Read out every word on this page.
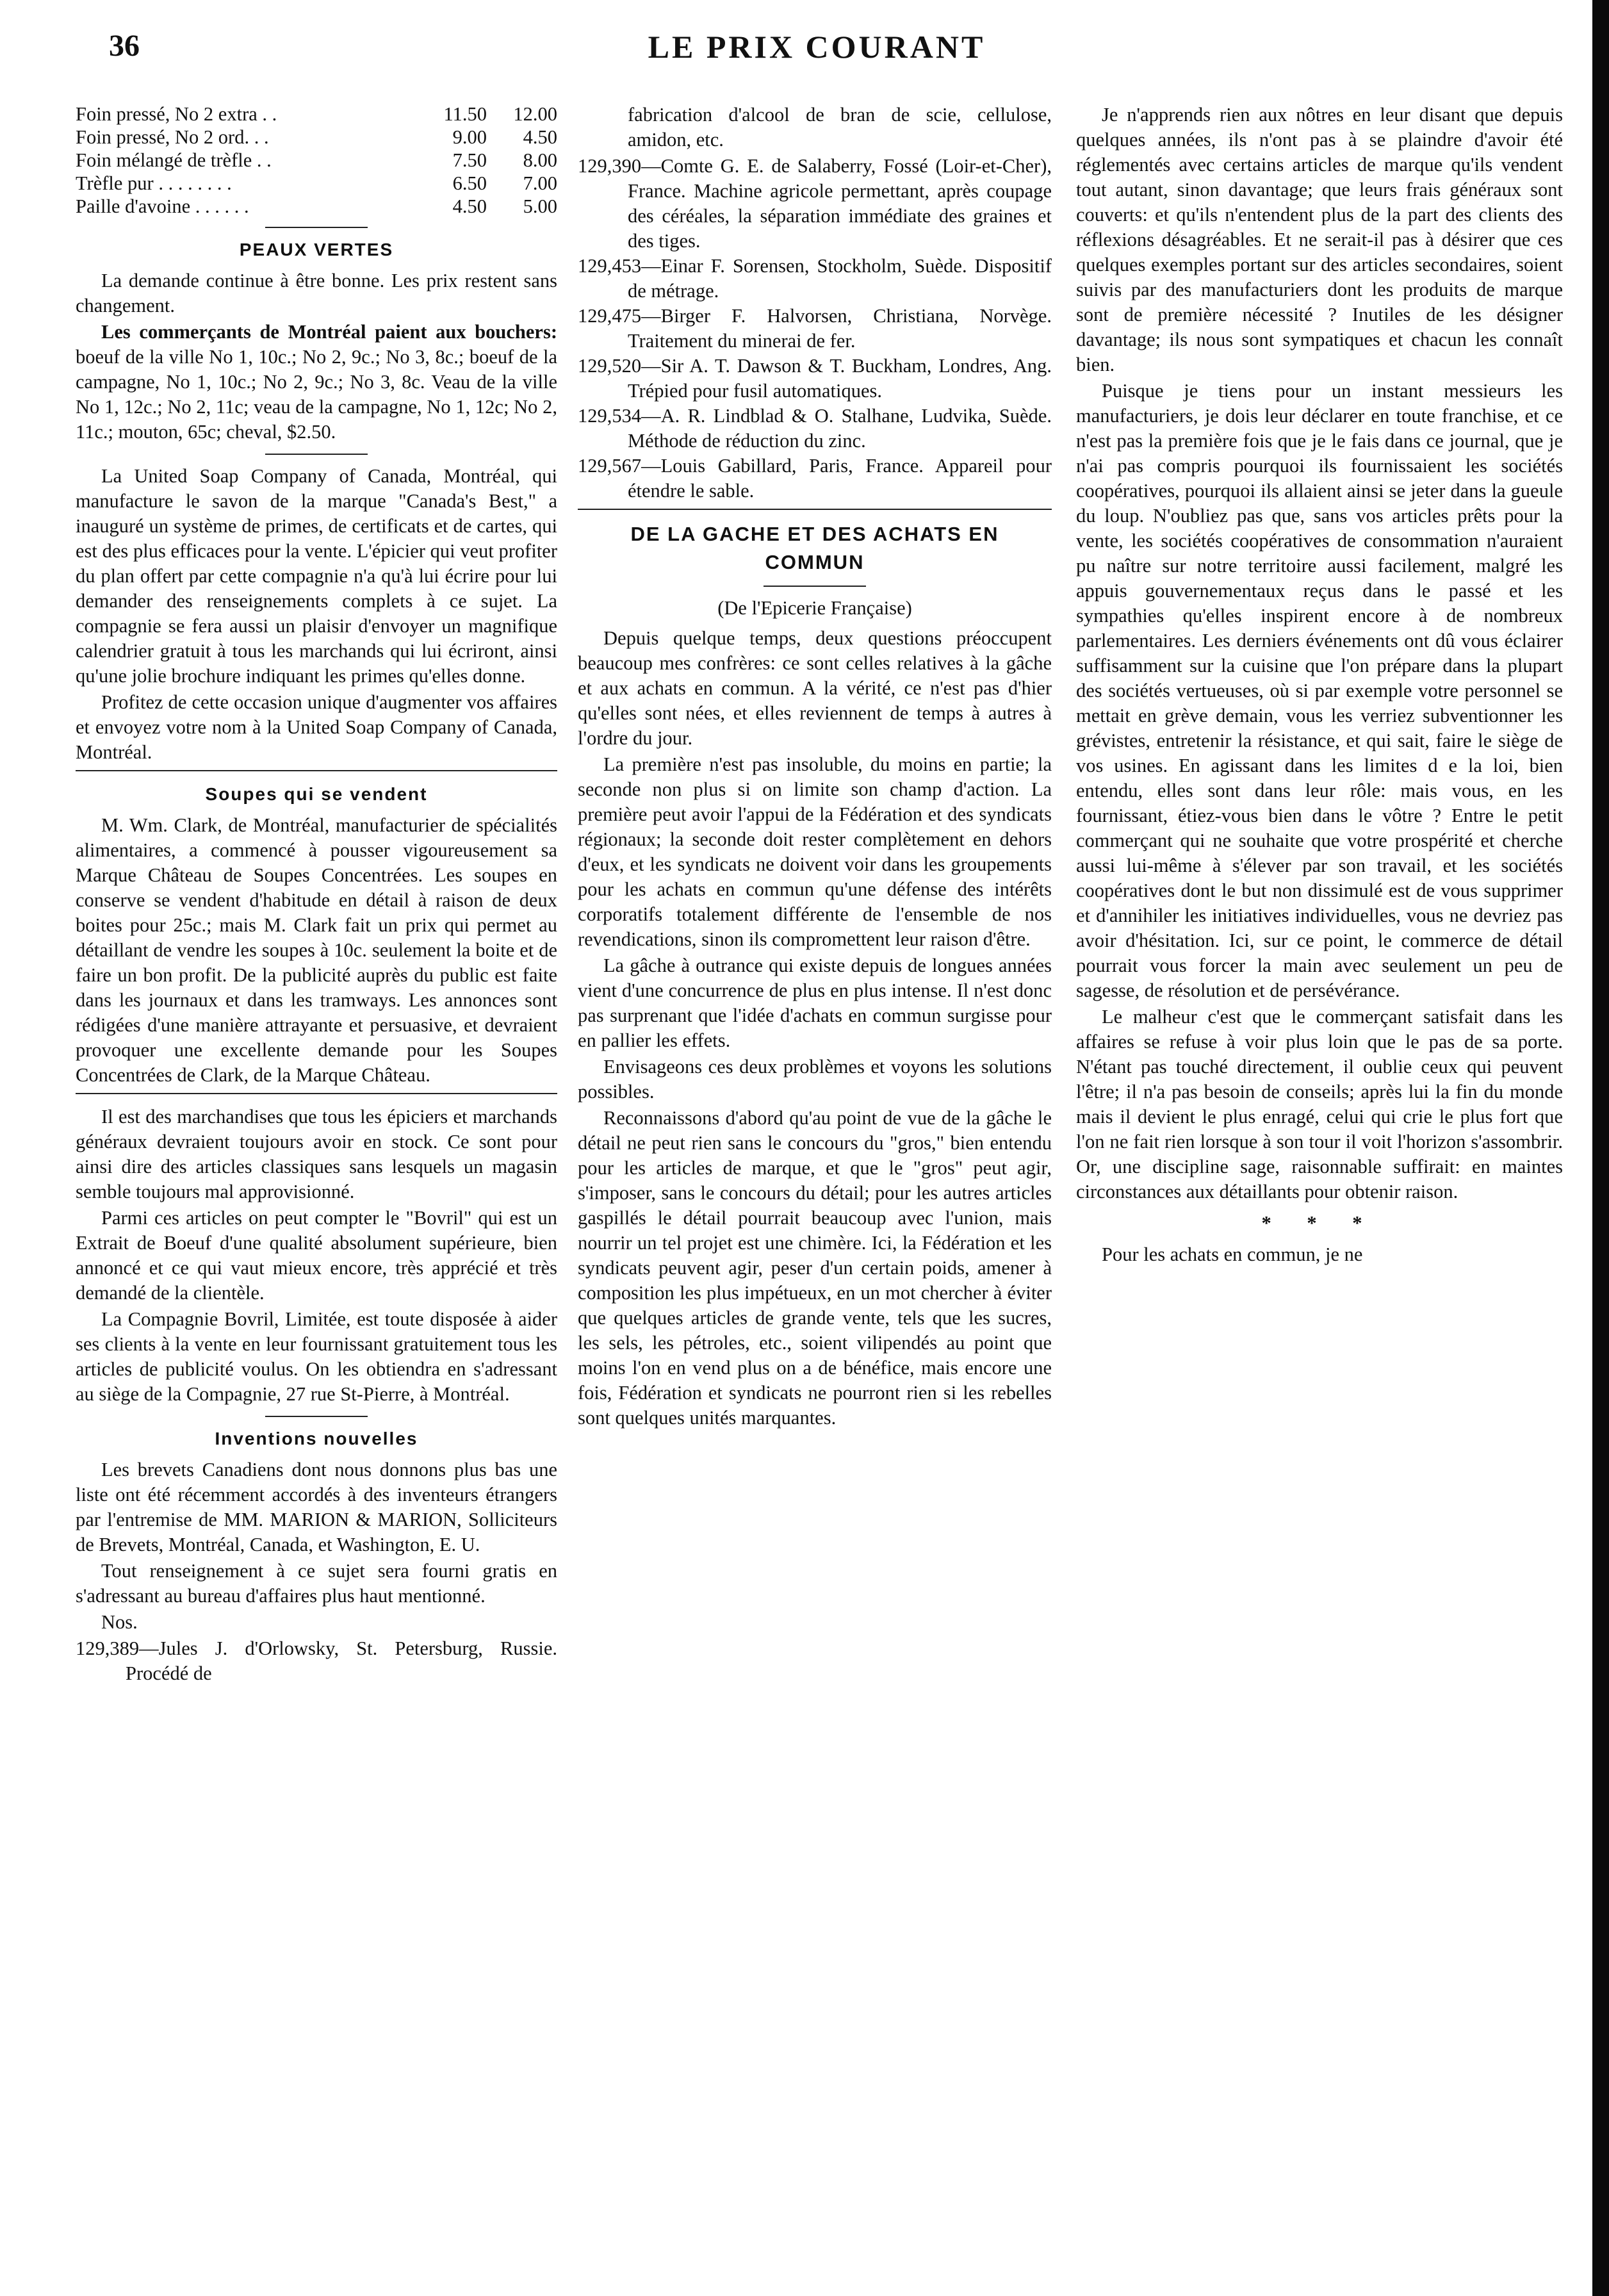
36	LE PRIX COURANT
Foin pressé, No 2 extra . .	11.50	12.00
Foin pressé, No 2 ord. . .	9.00	4.50
Foin mélangé de trèfle . .	7.50	8.00
Trèfle pur . . . . . . . .	6.50	7.00
Paille d'avoine . . . . . .	4.50	5.00
PEAUX VERTES

La demande continue à être bonne. Les prix restent sans changement.

Les commerçants de Montréal paient aux bouchers: boeuf de la ville No 1, 10c.; No 2, 9c.; No 3, 8c.; boeuf de la campagne, No 1, 10c.; No 2, 9c.; No 3, 8c. Veau de la ville No 1, 12c.; No 2, 11c; veau de la campagne, No 1, 12c; No 2, 11c.; mouton, 65c; cheval, $2.50.

La United Soap Company of Canada, Montréal, qui manufacture le savon de la marque "Canada's Best," a inauguré un système de primes, de certificats et de cartes, qui est des plus efficaces pour la vente. L'épicier qui veut profiter du plan offert par cette compagnie n'a qu'à lui écrire pour lui demander des renseignements complets à ce sujet. La compagnie se fera aussi un plaisir d'envoyer un magnifique calendrier gratuit à tous les marchands qui lui écriront, ainsi qu'une jolie brochure indiquant les primes qu'elles donne.

Profitez de cette occasion unique d'augmenter vos affaires et envoyez votre nom à la United Soap Company of Canada, Montréal.

Soupes qui se vendent

M. Wm. Clark, de Montréal, manufacturier de spécialités alimentaires, a commencé à pousser vigoureusement sa Marque Château de Soupes Concentrées. Les soupes en conserve se vendent d'habitude en détail à raison de deux boites pour 25c.; mais M. Clark fait un prix qui permet au détaillant de vendre les soupes à 10c. seulement la boite et de faire un bon profit. De la publicité auprès du public est faite dans les journaux et dans les tramways. Les annonces sont rédigées d'une manière attrayante et persuasive, et devraient provoquer une excellente demande pour les Soupes Concentrées de Clark, de la Marque Château.

Il est des marchandises que tous les épiciers et marchands généraux devraient toujours avoir en stock. Ce sont pour ainsi dire des articles classiques sans lesquels un magasin semble toujours mal approvisionné.

Parmi ces articles on peut compter le "Bovril" qui est un Extrait de Boeuf d'une qualité absolument supérieure, bien annoncé et ce qui vaut mieux encore, très apprécié et très demandé de la clientèle.

La Compagnie Bovril, Limitée, est toute disposée à aider ses clients à la vente en leur fournissant gratuitement tous les articles de publicité voulus. On les obtiendra en s'adressant au siège de la Compagnie, 27 rue St-Pierre, à Montréal.

Inventions nouvelles

Les brevets Canadiens dont nous donnons plus bas une liste ont été récemment accordés à des inventeurs étrangers par l'entremise de MM. MARION & MARION, Solliciteurs de Brevets, Montréal, Canada, et Washington, E. U.

Tout renseignement à ce sujet sera fourni gratis en s'adressant au bureau d'affaires plus haut mentionné.

Nos.

129,389—Jules J. d'Orlowsky, St. Petersburg, Russie. Procédé de

fabrication d'alcool de bran de scie, cellulose, amidon, etc.

129,390—Comte G. E. de Salaberry, Fossé (Loir-et-Cher), France. Machine agricole permettant, après coupage des céréales, la séparation immédiate des graines et des tiges.

129,453—Einar F. Sorensen, Stockholm, Suède. Dispositif de métrage.

129,475—Birger F. Halvorsen, Christiana, Norvège. Traitement du minerai de fer.

129,520—Sir A. T. Dawson & T. Buckham, Londres, Ang. Trépied pour fusil automatiques.

129,534—A. R. Lindblad & O. Stalhane, Ludvika, Suède. Méthode de réduction du zinc.

129,567—Louis Gabillard, Paris, France. Appareil pour étendre le sable.

DE LA GACHE ET DES ACHATS EN COMMUN

(De l'Epicerie Française)

Depuis quelque temps, deux questions préoccupent beaucoup mes confrères: ce sont celles relatives à la gâche et aux achats en commun. A la vérité, ce n'est pas d'hier qu'elles sont nées, et elles reviennent de temps à autres à l'ordre du jour.

La première n'est pas insoluble, du moins en partie; la seconde non plus si on limite son champ d'action. La première peut avoir l'appui de la Fédération et des syndicats régionaux; la seconde doit rester complètement en dehors d'eux, et les syndicats ne doivent voir dans les groupements pour les achats en commun qu'une défense des intérêts corporatifs totalement différente de l'ensemble de nos revendications, sinon ils compromettent leur raison d'être.

La gâche à outrance qui existe depuis de longues années vient d'une concurrence de plus en plus intense. Il n'est donc pas surprenant que l'idée d'achats en commun surgisse pour en pallier les effets.

Envisageons ces deux problèmes et voyons les solutions possibles.

Reconnaissons d'abord qu'au point de vue de la gâche le détail ne peut rien sans le concours du "gros," bien entendu pour les articles de marque, et que le "gros" peut agir, s'imposer, sans le concours du détail; pour les autres articles gaspillés le détail pourrait beaucoup avec l'union, mais nourrir un tel projet est une chimère. Ici, la Fédération et les syndicats peuvent agir, peser d'un certain poids, amener à composition les plus impétueux, en un mot chercher à éviter que quelques articles de grande vente, tels que les sucres, les sels, les pétroles, etc., soient vilipendés au point que moins l'on en vend plus on a de bénéfice, mais encore une fois, Fédération et syndicats ne pourront rien si les rebelles sont quelques unités marquantes.

Je n'apprends rien aux nôtres en leur disant que depuis quelques années, ils n'ont pas à se plaindre d'avoir été réglementés avec certains articles de marque qu'ils vendent tout autant, sinon davantage; que leurs frais généraux sont couverts: et qu'ils n'entendent plus de la part des clients des réflexions désagréables. Et ne serait-il pas à désirer que ces quelques exemples portant sur des articles secondaires, soient suivis par des manufacturiers dont les produits de marque sont de première nécessité ? Inutiles de les désigner davantage; ils nous sont sympatiques et chacun les connaît bien.

Puisque je tiens pour un instant messieurs les manufacturiers, je dois leur déclarer en toute franchise, et ce n'est pas la première fois que je le fais dans ce journal, que je n'ai pas compris pourquoi ils fournissaient les sociétés coopératives, pourquoi ils allaient ainsi se jeter dans la gueule du loup. N'oubliez pas que, sans vos articles prêts pour la vente, les sociétés coopératives de consommation n'auraient pu naître sur notre territoire aussi facilement, malgré les appuis gouvernementaux reçus dans le passé et les sympathies qu'elles inspirent encore à de nombreux parlementaires. Les derniers événements ont dû vous éclairer suffisamment sur la cuisine que l'on prépare dans la plupart des sociétés vertueuses, où si par exemple votre personnel se mettait en grève demain, vous les verriez subventionner les grévistes, entretenir la résistance, et qui sait, faire le siège de vos usines. En agissant dans les limites d e la loi, bien entendu, elles sont dans leur rôle: mais vous, en les fournissant, étiez-vous bien dans le vôtre ? Entre le petit commerçant qui ne souhaite que votre prospérité et cherche aussi lui-même à s'élever par son travail, et les sociétés coopératives dont le but non dissimulé est de vous supprimer et d'annihiler les initiatives individuelles, vous ne devriez pas avoir d'hésitation. Ici, sur ce point, le commerce de détail pourrait vous forcer la main avec seulement un peu de sagesse, de résolution et de persévérance.

Le malheur c'est que le commerçant satisfait dans les affaires se refuse à voir plus loin que le pas de sa porte. N'étant pas touché directement, il oublie ceux qui peuvent l'être; il n'a pas besoin de conseils; après lui la fin du monde mais il devient le plus enragé, celui qui crie le plus fort que l'on ne fait rien lorsque à son tour il voit l'horizon s'assombrir. Or, une discipline sage, raisonnable suffirait: en maintes circonstances aux détaillants pour obtenir raison.

* * *

Pour les achats en commun, je ne
